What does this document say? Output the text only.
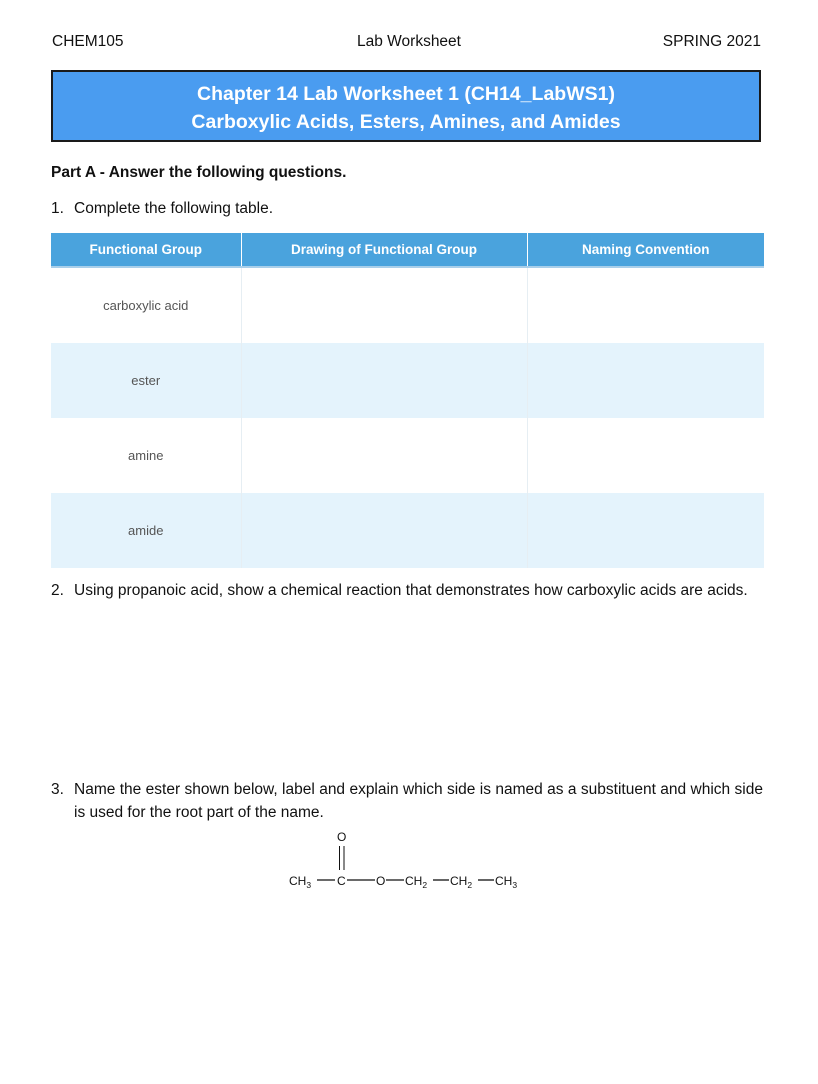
CHEM105	Lab Worksheet	SPRING 2021
Chapter 14 Lab Worksheet 1 (CH14_LabWS1)
Carboxylic Acids, Esters, Amines, and Amides
Part A - Answer the following questions.
1. Complete the following table.
Functional Group	Drawing of Functional Group	Naming Convention
carboxylic acid		
ester		
amine		
amide		
2. Using propanoic acid, show a chemical reaction that demonstrates how carboxylic acids are acids.
3. Name the ester shown below, label and explain which side is named as a substituent and which side is used for the root part of the name.
O
$CH_3$ C	O $CH_2$ $CH_2$ $CH_3$
